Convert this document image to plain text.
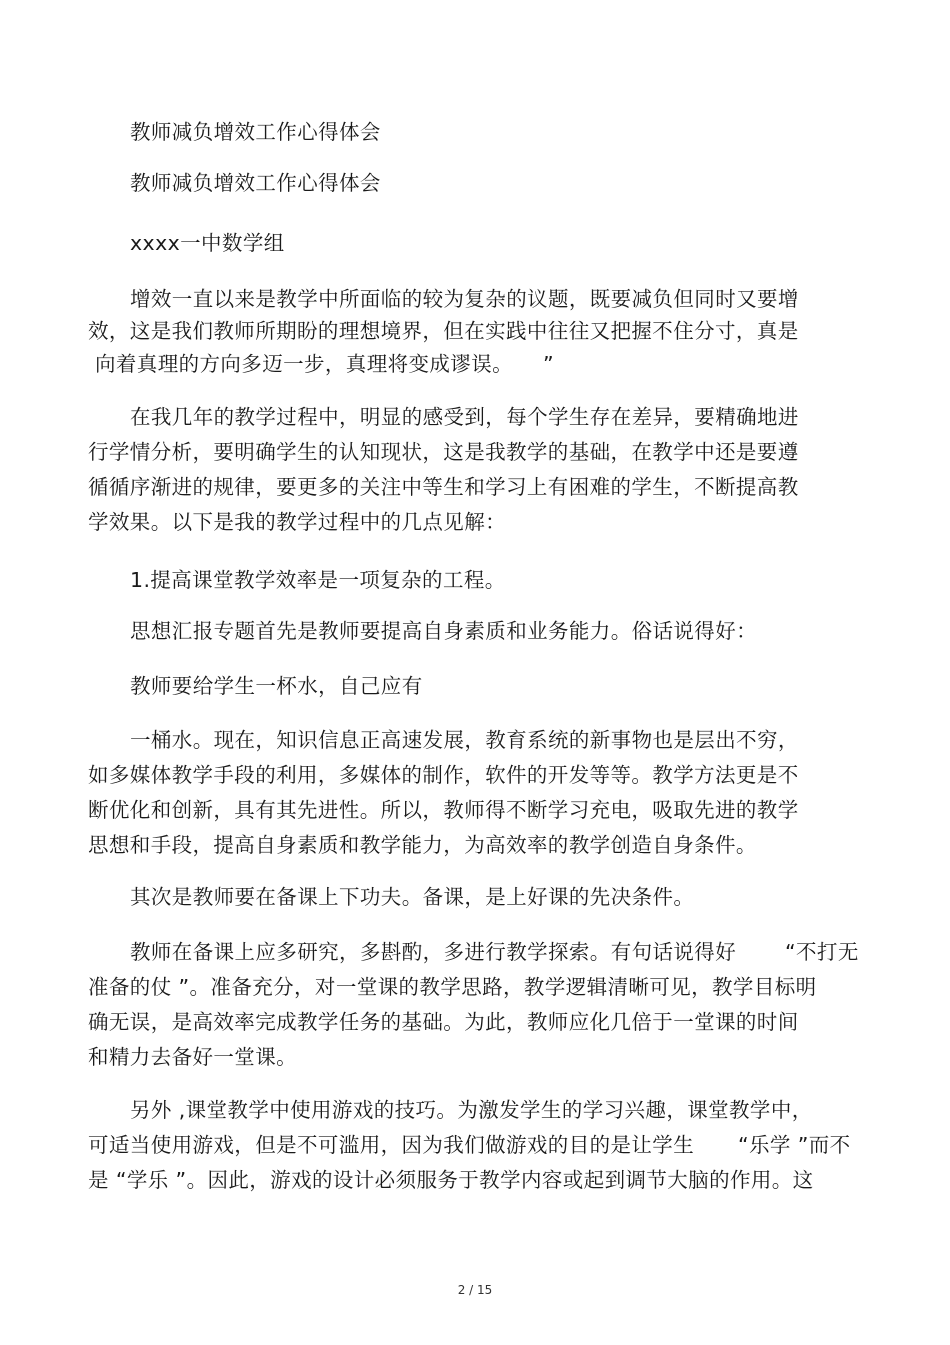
教师减负增效工作心得体会
教师减负增效工作心得体会
xxxx一中数学组
增效一直以来是教学中所面临的较为复杂的议题，既要减负但同时又要增
效，这是我们教师所期盼的理想境界，但在实践中往往又把握不住分寸，真是
向着真理的方向多迈一步，真理将变成谬误。 ”
在我几年的教学过程中，明显的感受到，每个学生存在差异，要精确地进
行学情分析，要明确学生的认知现状，这是我教学的基础，在教学中还是要遵
循循序渐进的规律，要更多的关注中等生和学习上有困难的学生，不断提高教
学效果。以下是我的教学过程中的几点见解：
1.提高课堂教学效率是一项复杂的工程。
思想汇报专题首先是教师要提高自身素质和业务能力。俗话说得好：
教师要给学生一杯水，自己应有
一桶水。现在，知识信息正高速发展，教育系统的新事物也是层出不穷，
如多媒体教学手段的利用，多媒体的制作，软件的开发等等。教学方法更是不
断优化和创新，具有其先进性。所以，教师得不断学习充电，吸取先进的教学
思想和手段，提高自身素质和教学能力，为高效率的教学创造自身条件。
其次是教师要在备课上下功夫。备课，是上好课的先决条件。
教师在备课上应多研究，多斟酌，多进行教学探索。有句话说得好 “不打无
准备的仗 ”。准备充分，对一堂课的教学思路，教学逻辑清晰可见，教学目标明
确无误，是高效率完成教学任务的基础。为此，教师应化几倍于一堂课的时间
和精力去备好一堂课。
另外 ,课堂教学中使用游戏的技巧。为激发学生的学习兴趣，课堂教学中，
可适当使用游戏，但是不可滥用，因为我们做游戏的目的是让学生 “乐学 ”而不
是 “学乐 ”。因此，游戏的设计必须服务于教学内容或起到调节大脑的作用。这
2 / 15
